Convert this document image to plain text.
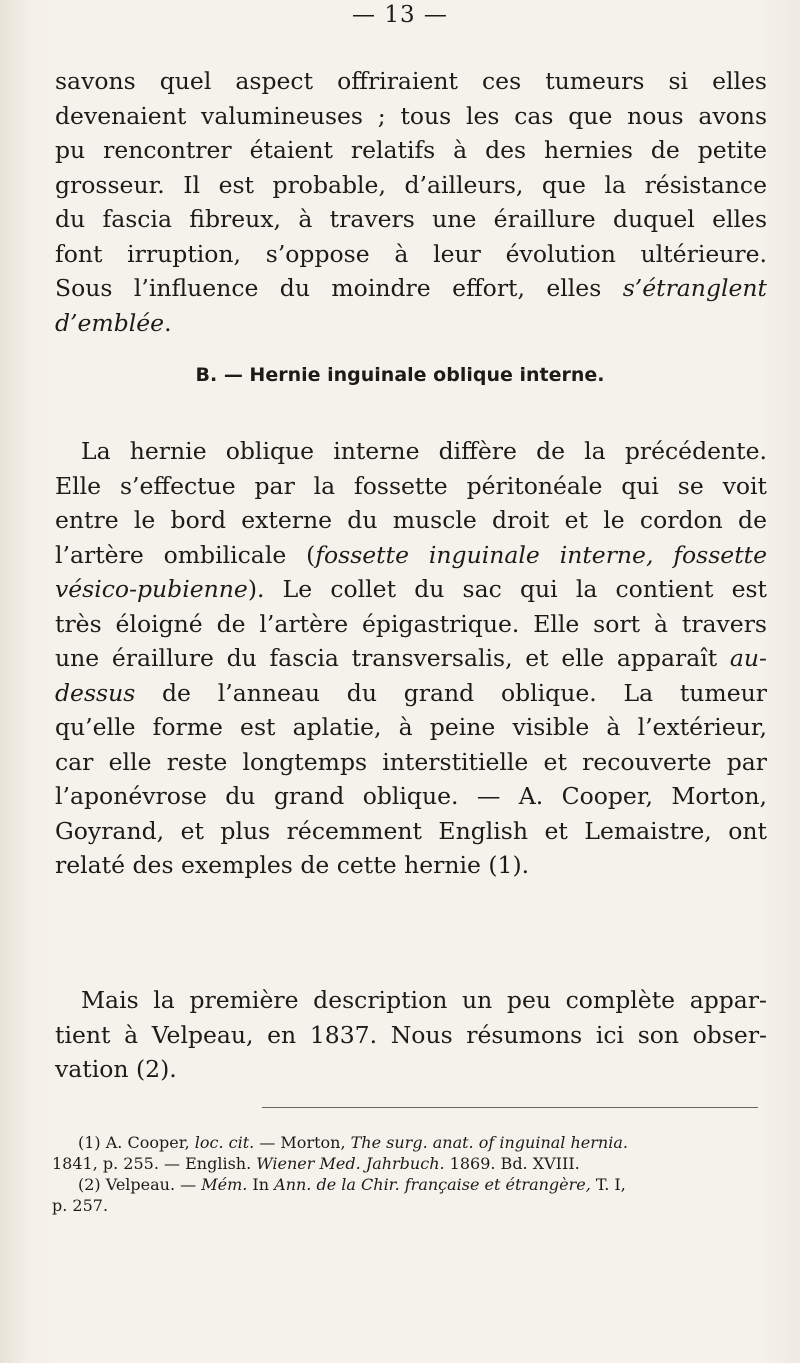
— 13 —
savons quel aspect offriraient ces tumeurs si elles
devenaient valumineuses ; tous les cas que nous avons
pu rencontrer étaient relatifs à des hernies de petite
grosseur. Il est probable, d’ailleurs, que la résistance
du fascia fibreux, à travers une éraillure duquel elles
font irruption, s’oppose à leur évolution ultérieure.
Sous l’influence du moindre effort, elles s’étranglent
d’emblée.
B. — Hernie inguinale oblique interne.
La hernie oblique interne diffère de la précédente.
Elle s’effectue par la fossette péritonéale qui se voit
entre le bord externe du muscle droit et le cordon de
l’artère ombilicale (fossette inguinale interne, fossette
vésico-pubienne). Le collet du sac qui la contient est
très éloigné de l’artère épigastrique. Elle sort à travers
une éraillure du fascia transversalis, et elle apparaît au-
dessus de l’anneau du grand oblique. La tumeur
qu’elle forme est aplatie, à peine visible à l’extérieur,
car elle reste longtemps interstitielle et recouverte par
l’aponévrose du grand oblique. — A. Cooper, Morton,
Goyrand, et plus récemment English et Lemaistre, ont
relaté des exemples de cette hernie (1).
Mais la première description un peu complète appar-
tient à Velpeau, en 1837. Nous résumons ici son obser-
vation (2).
(1) A. Cooper, loc. cit. — Morton, The surg. anat. of inguinal hernia.
1841, p. 255. — English. Wiener Med. Jahrbuch. 1869. Bd. XVIII.
(2) Velpeau. — Mém. In Ann. de la Chir. française et étrangère, T. I,
p. 257.
